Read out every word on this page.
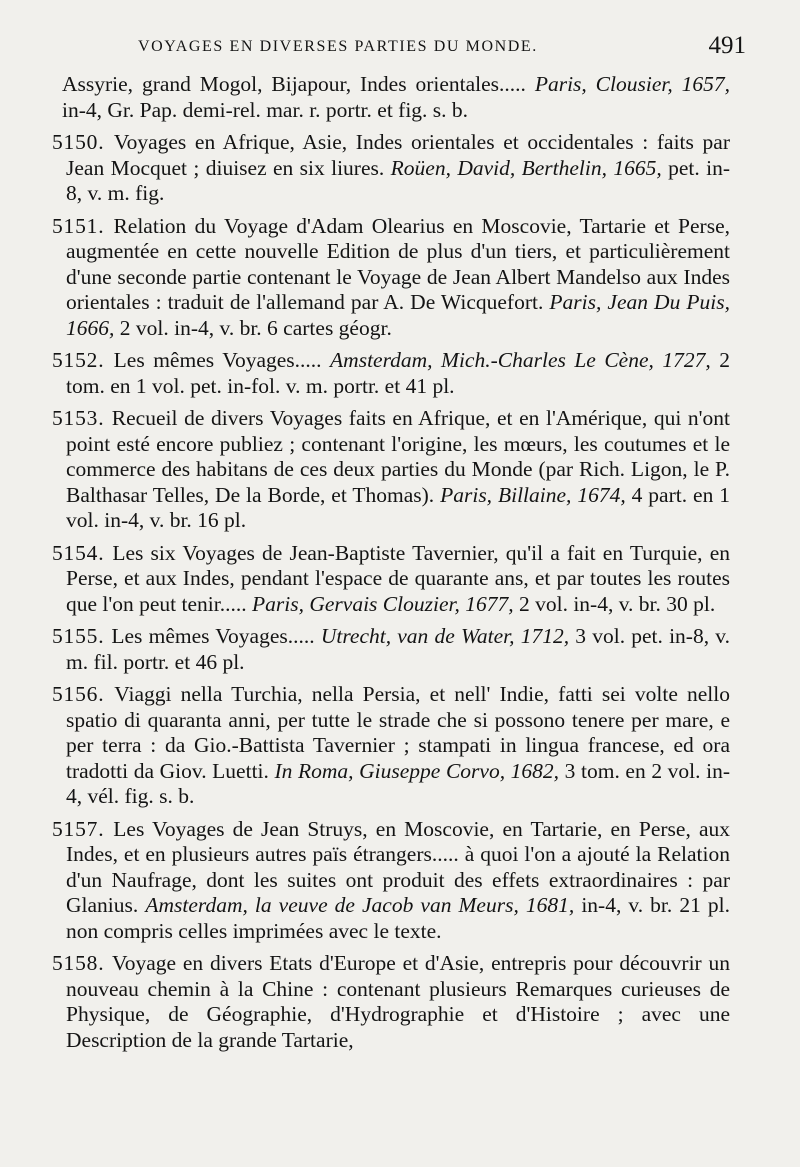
VOYAGES EN DIVERSES PARTIES DU MONDE.	491

Assyrie, grand Mogol, Bijapour, Indes orientales..... Paris, Clousier, 1657, in-4, Gr. Pap. demi-rel. mar. r. portr. et fig. s. b.

5150. Voyages en Afrique, Asie, Indes orientales et occidentales : faits par Jean Mocquet ; diuisez en six liures. Roüen, David, Berthelin, 1665, pet. in-8, v. m. fig.

5151. Relation du Voyage d'Adam Olearius en Moscovie, Tartarie et Perse, augmentée en cette nouvelle Edition de plus d'un tiers, et particulièrement d'une seconde partie contenant le Voyage de Jean Albert Mandelso aux Indes orientales : traduit de l'allemand par A. De Wicquefort. Paris, Jean Du Puis, 1666, 2 vol. in-4, v. br. 6 cartes géogr.

5152. Les mêmes Voyages..... Amsterdam, Mich.-Charles Le Cène, 1727, 2 tom. en 1 vol. pet. in-fol. v. m. portr. et 41 pl.

5153. Recueil de divers Voyages faits en Afrique, et en l'Amérique, qui n'ont point esté encore publiez ; contenant l'origine, les mœurs, les coutumes et le commerce des habitans de ces deux parties du Monde (par Rich. Ligon, le P. Balthasar Telles, De la Borde, et Thomas). Paris, Billaine, 1674, 4 part. en 1 vol. in-4, v. br. 16 pl.

5154. Les six Voyages de Jean-Baptiste Tavernier, qu'il a fait en Turquie, en Perse, et aux Indes, pendant l'espace de quarante ans, et par toutes les routes que l'on peut tenir..... Paris, Gervais Clouzier, 1677, 2 vol. in-4, v. br. 30 pl.

5155. Les mêmes Voyages..... Utrecht, van de Water, 1712, 3 vol. pet. in-8, v. m. fil. portr. et 46 pl.

5156. Viaggi nella Turchia, nella Persia, et nell' Indie, fatti sei volte nello spatio di quaranta anni, per tutte le strade che si possono tenere per mare, e per terra : da Gio.-Battista Tavernier ; stampati in lingua francese, ed ora tradotti da Giov. Luetti. In Roma, Giuseppe Corvo, 1682, 3 tom. en 2 vol. in-4, vél. fig. s. b.

5157. Les Voyages de Jean Struys, en Moscovie, en Tartarie, en Perse, aux Indes, et en plusieurs autres païs étrangers..... à quoi l'on a ajouté la Relation d'un Naufrage, dont les suites ont produit des effets extraordinaires : par Glanius. Amsterdam, la veuve de Jacob van Meurs, 1681, in-4, v. br. 21 pl. non compris celles imprimées avec le texte.

5158. Voyage en divers Etats d'Europe et d'Asie, entrepris pour découvrir un nouveau chemin à la Chine : contenant plusieurs Remarques curieuses de Physique, de Géographie, d'Hydrographie et d'Histoire ; avec une Description de la grande Tartarie,
